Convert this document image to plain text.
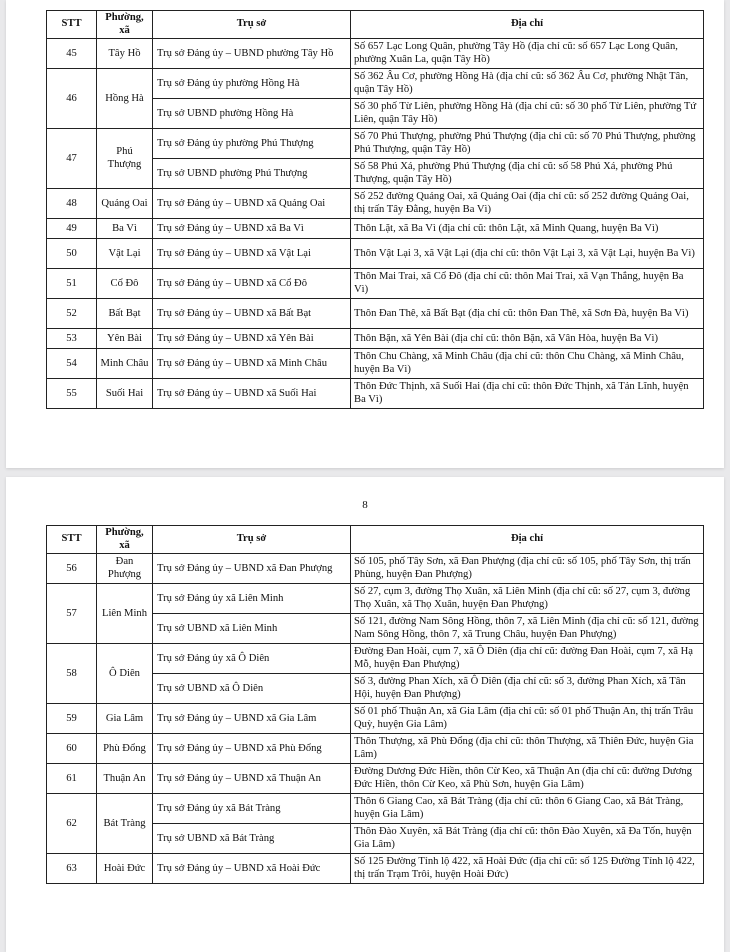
STT	Phường, xã	Trụ sở	Địa chỉ
45	Tây Hồ	Trụ sở Đảng ủy – UBND phường Tây Hồ	Số 657 Lạc Long Quân, phường Tây Hồ (địa chỉ cũ: số 657 Lạc Long Quân, phường Xuân La, quận Tây Hồ)
46	Hồng Hà	Trụ sở Đảng ủy phường Hồng Hà	Số 362 Âu Cơ, phường Hồng Hà (địa chỉ cũ: số 362 Âu Cơ, phường Nhật Tân, quận Tây Hồ)
		Trụ sở UBND phường Hồng Hà	Số 30 phố Từ Liên, phường Hồng Hà (địa chỉ cũ: số 30 phố Từ Liên, phường Tứ Liên, quận Tây Hồ)
47	Phú Thượng	Trụ sở Đảng ủy phường Phú Thượng	Số 70 Phú Thượng, phường Phú Thượng (địa chỉ cũ: số 70 Phú Thượng, phường Phú Thượng, quận Tây Hồ)
		Trụ sở UBND phường Phú Thượng	Số 58 Phú Xá, phường Phú Thượng (địa chỉ cũ: số 58 Phú Xá, phường Phú Thượng, quận Tây Hồ)
48	Quảng Oai	Trụ sở Đảng ủy – UBND xã Quảng Oai	Số 252 đường Quảng Oai, xã Quảng Oai (địa chỉ cũ: số 252 đường Quảng Oai, thị trấn Tây Đằng, huyện Ba Vì)
49	Ba Vì	Trụ sở Đảng ủy – UBND xã Ba Vì	Thôn Lặt, xã Ba Vì (địa chỉ cũ: thôn Lặt, xã Minh Quang, huyện Ba Vì)
50	Vật Lại	Trụ sở Đảng ủy – UBND xã Vật Lại	Thôn Vật Lại 3, xã Vật Lại (địa chỉ cũ: thôn Vật Lại 3, xã Vật Lại, huyện Ba Vì)
51	Cổ Đô	Trụ sở Đảng ủy – UBND xã Cổ Đô	Thôn Mai Trai, xã Cổ Đô (địa chỉ cũ: thôn Mai Trai, xã Vạn Thắng, huyện Ba Vì)
52	Bất Bạt	Trụ sở Đảng ủy – UBND xã Bất Bạt	Thôn Đan Thê, xã Bất Bạt (địa chỉ cũ: thôn Đan Thê, xã Sơn Đà, huyện Ba Vì)
53	Yên Bài	Trụ sở Đảng ủy – UBND xã Yên Bài	Thôn Bặn, xã Yên Bài (địa chỉ cũ: thôn Bặn, xã Vân Hòa, huyện Ba Vì)
54	Minh Châu	Trụ sở Đảng ủy – UBND xã Minh Châu	Thôn Chu Chàng, xã Minh Châu (địa chỉ cũ: thôn Chu Chàng, xã Minh Châu, huyện Ba Vì)
55	Suối Hai	Trụ sở Đảng ủy – UBND xã Suối Hai	Thôn Đức Thịnh, xã Suối Hai (địa chỉ cũ: thôn Đức Thịnh, xã Tản Lĩnh, huyện Ba Vì)
8
STT	Phường, xã	Trụ sở	Địa chỉ
56	Đan Phượng	Trụ sở Đảng ủy – UBND xã Đan Phượng	Số 105, phố Tây Sơn, xã Đan Phượng (địa chỉ cũ: số 105, phố Tây Sơn, thị trấn Phùng, huyện Đan Phượng)
57	Liên Minh	Trụ sở Đảng ủy xã Liên Minh	Số 27, cụm 3, đường Thọ Xuân, xã Liên Minh (địa chỉ cũ: số 27, cụm 3, đường Thọ Xuân, xã Thọ Xuân, huyện Đan Phượng)
		Trụ sở UBND xã Liên Minh	Số 121, đường Nam Sông Hồng, thôn 7, xã Liên Minh (địa chỉ cũ: số 121, đường Nam Sông Hồng, thôn 7, xã Trung Châu, huyện Đan Phượng)
58	Ô Diên	Trụ sở Đảng ủy xã Ô Diên	Đường Đan Hoài, cụm 7, xã Ô Diên (địa chỉ cũ: đường Đan Hoài, cụm 7, xã Hạ Mỗ, huyện Đan Phượng)
		Trụ sở UBND xã Ô Diên	Số 3, đường Phan Xích, xã Ô Diên (địa chỉ cũ: số 3, đường Phan Xích, xã Tân Hội, huyện Đan Phượng)
59	Gia Lâm	Trụ sở Đảng ủy – UBND xã Gia Lâm	Số 01 phố Thuận An, xã Gia Lâm (địa chỉ cũ: số 01 phố Thuận An, thị trấn Trâu Quỳ, huyện Gia Lâm)
60	Phù Đổng	Trụ sở Đảng ủy – UBND xã Phù Đổng	Thôn Thượng, xã Phù Đổng (địa chỉ cũ: thôn Thượng, xã Thiên Đức, huyện Gia Lâm)
61	Thuận An	Trụ sở Đảng ủy – UBND xã Thuận An	Đường Dương Đức Hiền, thôn Cừ Keo, xã Thuận An (địa chỉ cũ: đường Dương Đức Hiền, thôn Cừ Keo, xã Phù Sơn, huyện Gia Lâm)
62	Bát Tràng	Trụ sở Đảng ủy xã Bát Tràng	Thôn 6 Giang Cao, xã Bát Tràng (địa chỉ cũ: thôn 6 Giang Cao, xã Bát Tràng, huyện Gia Lâm)
		Trụ sở UBND xã Bát Tràng	Thôn Đào Xuyên, xã Bát Tràng (địa chỉ cũ: thôn Đào Xuyên, xã Đa Tốn, huyện Gia Lâm)
63	Hoài Đức	Trụ sở Đảng ủy – UBND xã Hoài Đức	Số 125 Đường Tỉnh lộ 422, xã Hoài Đức (địa chỉ cũ: số 125 Đường Tỉnh lộ 422, thị trấn Trạm Trôi, huyện Hoài Đức)
